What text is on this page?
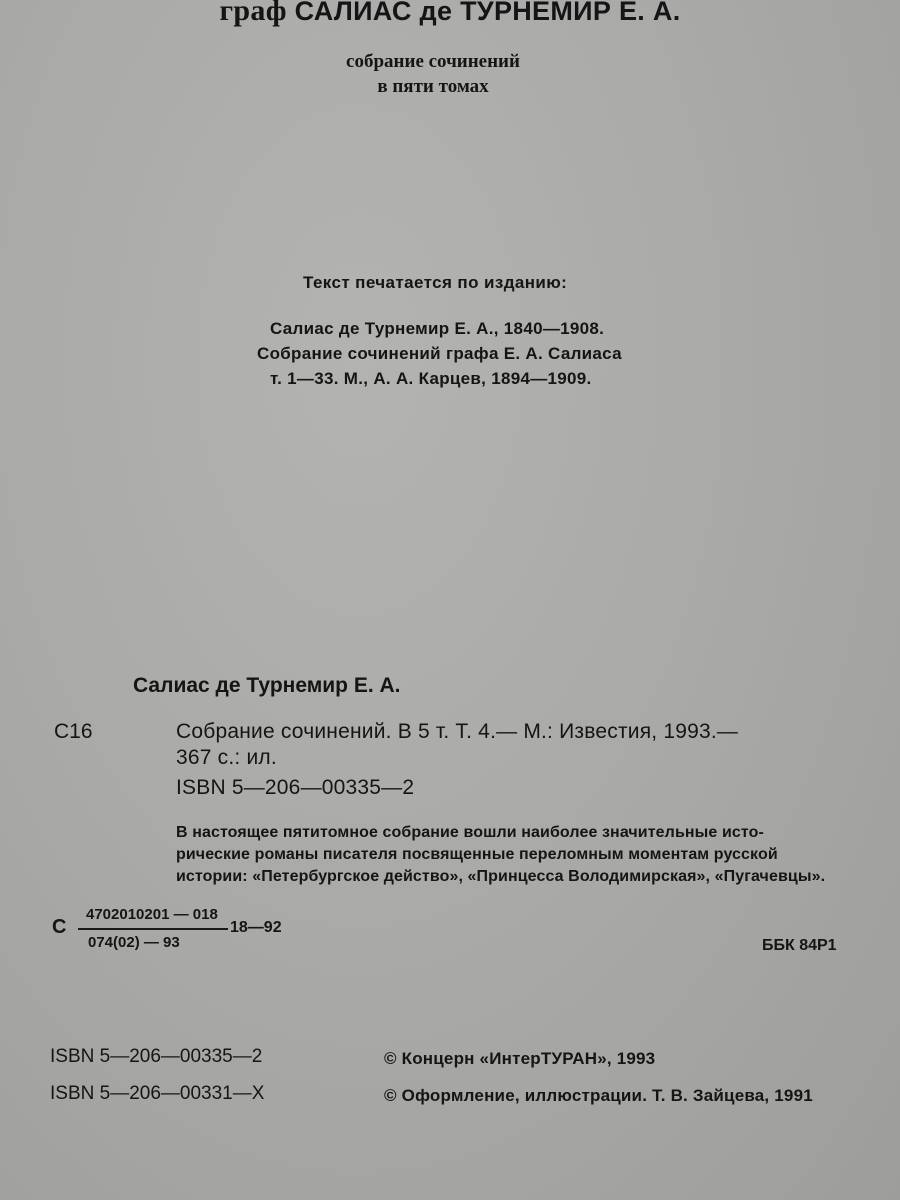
граф САЛИАС де ТУРНЕМИР Е. А.
собрание сочинений
в пяти томах
Текст печатается по изданию:
Салиас де Турнемир Е. А., 1840—1908.
Собрание сочинений графа Е. А. Салиаса
т. 1—33. М., А. А. Карцев, 1894—1909.
Салиас де Турнемир Е. А.
С16	Собрание сочинений. В 5 т. Т. 4.— М.: Известия, 1993.—
367 с.: ил.
ISBN 5—206—00335—2
В настоящее пятитомное собрание вошли наиболее значительные исто-
рические романы писателя посвященные переломным моментам русской
истории: «Петербургское действо», «Принцесса Володимирская», «Пугачевцы».
С
4702010201 — 018
074(02) — 93
18—92
ББК 84Р1
ISBN 5—206—00335—2
ISBN 5—206—00331—Х
© Концерн «ИнтерТУРАН», 1993
© Оформление, иллюстрации. Т. В. Зайцева, 1991
